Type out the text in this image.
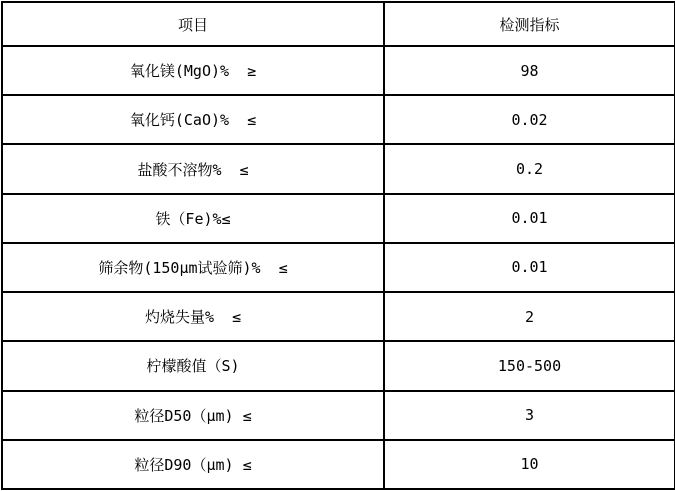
项目	检测指标
氧化镁(MgO)%  ≥	98
氧化钙(CaO)%  ≤	0.02
盐酸不溶物%  ≤	0.2
铁（Fe)%≤	0.01
筛余物(150μm试验筛)%  ≤	0.01
灼烧失量%  ≤	2
柠檬酸值（S)	150-500
粒径D50（μm) ≤	3
粒径D90（μm) ≤	10
